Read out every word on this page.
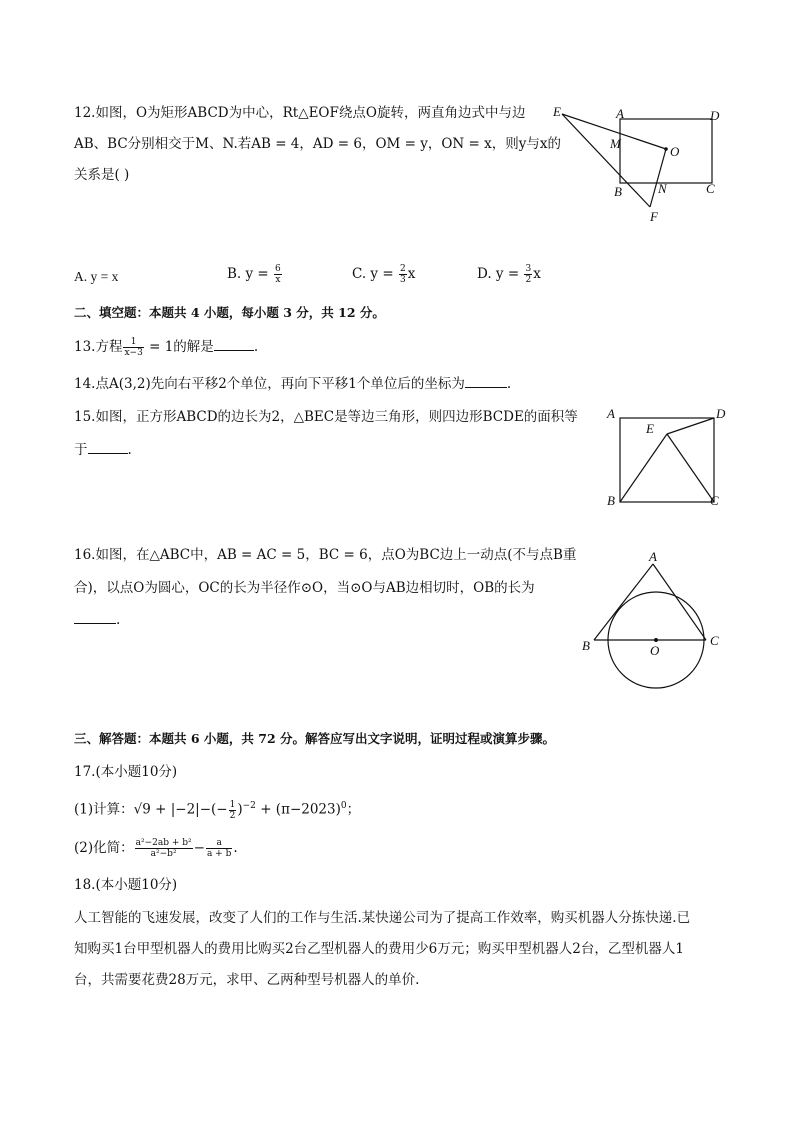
12.如图，O为矩形ABCD为中心，Rt△EOF绕点O旋转，两直角边式中与边
AB、BC分别相交于M、N.若AB = 4，AD = 6，OM = y，ON = x，则y与x的
关系是( )
E	A	D
M
O
B	N	C
F
A. y = x	B. $y = \frac{6}{x}$	C. $y = \frac{2}{3}$ x	D. $y = \frac{3}{2}$ x
二、填空题：本题共 4 小题，每小题 3 分，共 12 分。
13.方程 $\frac{1}{x-3} = 1$的解是	.
14.点A(3,2)先向右平移2个单位，再向下平移1个单位后的坐标为	.
15.如图，正方形ABCD的边长为2，△BEC是等边三角形，则四边形BCDE的面积等
于	.
A	D
E
B	C
16.如图，在△ABC中，AB = AC = 5，BC = 6，点O为BC边上一动点(不与点B重
合)，以点O为圆心，OC的长为半径作⊙O，当⊙O与AB边相切时，OB的长为
.
A
B	O
C
三、解答题：本题共 6 小题，共 72 分。解答应写出文字说明，证明过程或演算步骤。
17.(本小题10分)
(1)计算：$√9 + |-2|-(- \frac{1}{2} )^{-2} + (\pi-2023)^0$；
(2)化简： $\frac{\text{a²−2ab + b²}}{\text{a²−b²}} - \frac{a}{a + b}$ .
18.(本小题10分)
人工智能的飞速发展，改变了人们的工作与生活.某快递公司为了提高工作效率，购买机器人分拣快递.已
知购买1台甲型机器人的费用比购买2台乙型机器人的费用少6万元；购买甲型机器人2台，乙型机器人1
台，共需要花费28万元，求甲、乙两种型号机器人的单价.
